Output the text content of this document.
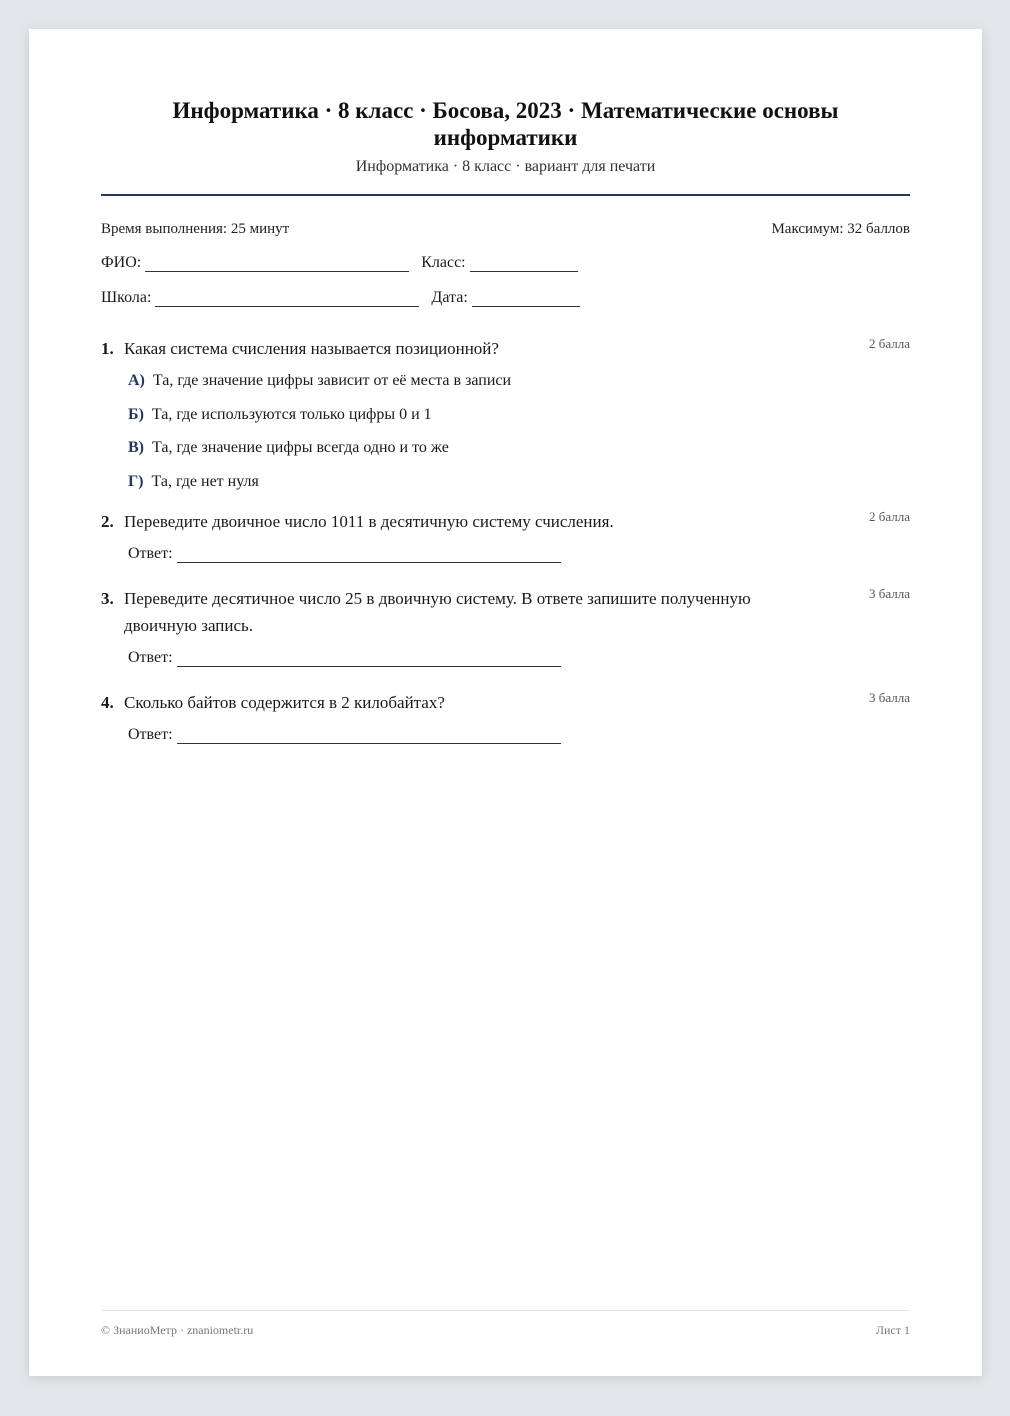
Информатика · 8 класс · Босова, 2023 · Математические основы информатики
Информатика · 8 класс · вариант для печати
Время выполнения: 25 минут	Максимум: 32 баллов
ФИО:	Класс:
Школа:	Дата:
1. Какая система счисления называется позиционной?	2 балла
А) Та, где значение цифры зависит от её места в записи
Б) Та, где используются только цифры 0 и 1
В) Та, где значение цифры всегда одно и то же
Г) Та, где нет нуля
2. Переведите двоичное число 1011 в десятичную систему счисления.	2 балла
Ответ:
3. Переведите десятичное число 25 в двоичную систему. В ответе запишите полученную двоичную запись.
3 балла
Ответ:
4. Сколько байтов содержится в 2 килобайтах?	3 балла
Ответ:
© ЗнаниоМетр · znaniometr.ru	Лист 1
